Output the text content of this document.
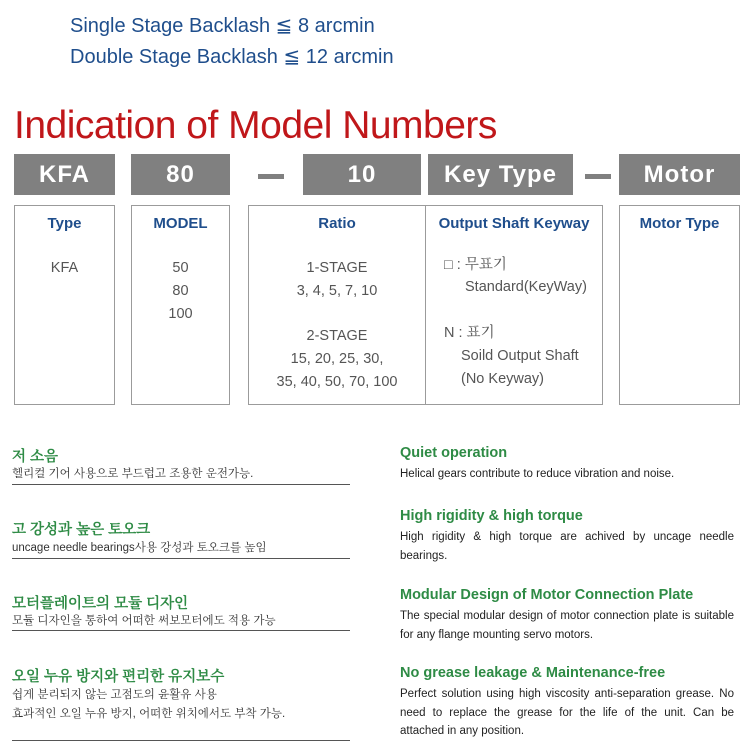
Single Stage Backlash ≦ 8 arcmin
Double Stage Backlash ≦ 12 arcmin
Indication of Model Numbers
KFA	80	10	Key Type	Motor
Type
KFA
MODEL
50
80
100
Ratio
1-STAGE
3, 4, 5, 7, 10
2-STAGE
15, 20, 25, 30,
35, 40, 50, 70, 100
Output Shaft Keyway
□ : 무표기
Standard(KeyWay)
N : 표기
Soild Output Shaft
(No Keyway)
Motor Type
저 소음
헬리컬 기어 사용으로 부드럽고 조용한 운전가능.
고 강성과 높은 토오크
uncage needle bearings사용 강성과 토오크를 높임
모터플레이트의 모듈 디자인
모듈 디자인을 통하여 어떠한 써보모터에도 적용 가능
오일 누유 방지와 편리한 유지보수
쉽게 분리되지 않는 고점도의 윤활유 사용
효과적인 오일 누유 방지, 어떠한 위치에서도 부착 가능.
Quiet operation
Helical gears contribute to reduce vibration and noise.
High rigidity & high torque
High rigidity & high torque are achived by uncage needle bearings.
Modular Design of Motor Connection Plate
The special modular design of motor connection plate is suitable for any flange mounting servo motors.
No grease leakage & Maintenance-free
Perfect solution using high viscosity anti-separation grease. No need to replace the grease for the life of the unit. Can be attached in any position.
